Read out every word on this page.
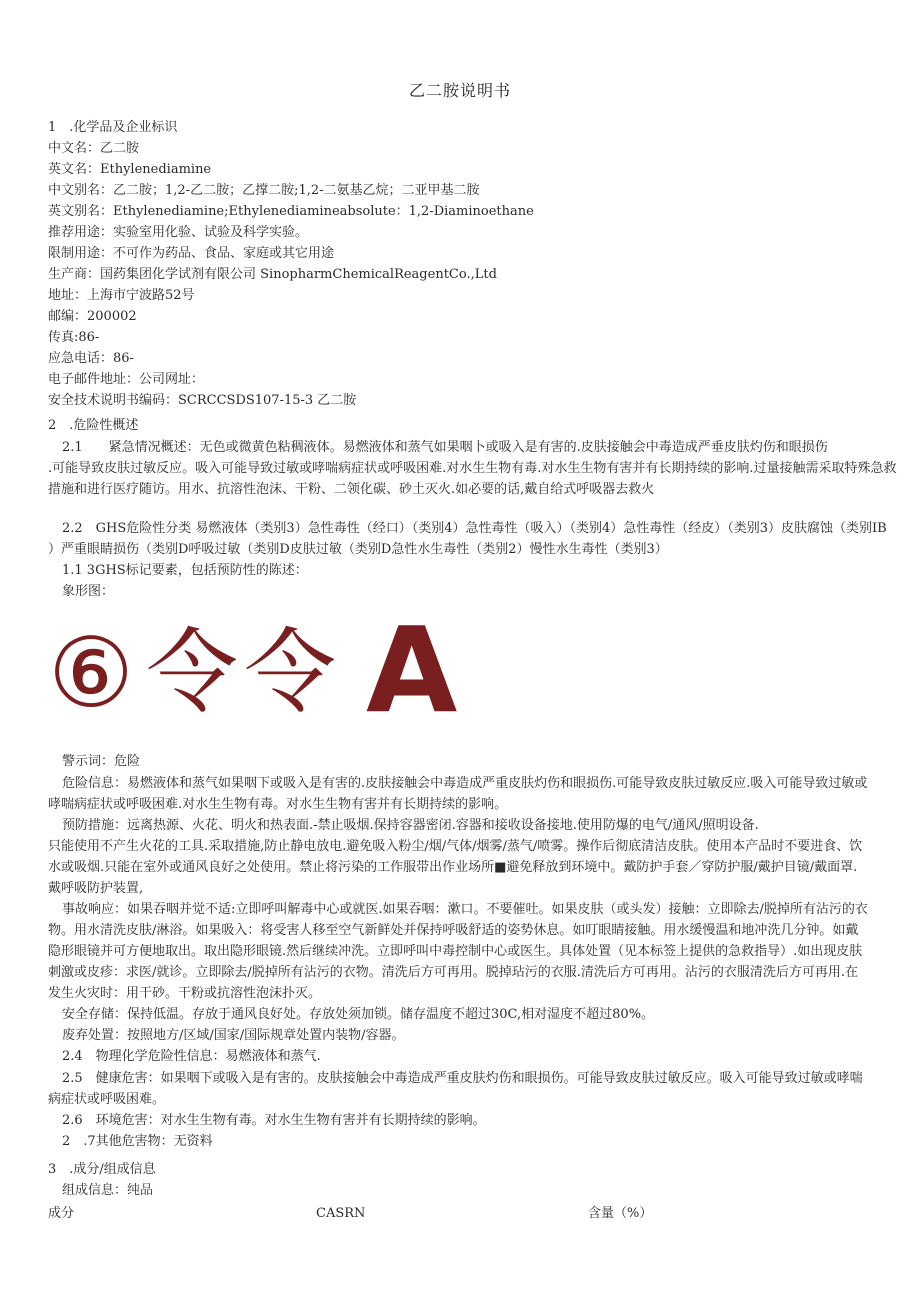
乙二胺说明书
1　.化学品及企业标识
中文名：乙二胺
英文名：Ethylenediamine
中文别名：乙二胺；1,2-乙二胺；乙撑二胺;1,2-二氨基乙烷；二亚甲基二胺
英文别名：Ethylenediamine;Ethylenediamineabsolute：1,2-Diaminoethane
推荐用途：实验室用化验、试验及科学实验。
限制用途：不可作为药品、食品、家庭或其它用途
生产商：国药集团化学试剂有限公司 SinopharmChemicalReagentCo.,Ltd
地址：上海市宁波路52号
邮编：200002
传真:86-
应急电话：86-
电子邮件地址：公司网址：
安全技术说明书编码：SCRCCSDS107-15-3 乙二胺
2　.危险性概述
2.1　　紧急情况概述：无色或微黄色粘稠液体。易燃液体和蒸气如果咽卜或吸入是有害的.皮肤接触会中毒造成严垂皮肤灼伤和眼损伤
.可能导致皮肤过敏反应。吸入可能导致过敏或哮喘病症状或呼吸困难.对水生生物有毒.对水生生物有害并有长期持续的影响.过量接触需采取特殊急救
措施和进行医疗随访。用水、抗溶性泡沫、干粉、二领化碳、砂土灭火.如必要的话,戴自给式呼吸器去救火
2.2　GHS危险性分类 易燃液体（类别3）急性毒性（经口）（类别4）急性毒性（吸入）（类别4）急性毒性（经皮）（类别3）皮肤腐蚀（类别IB
）严重眼睛损伤（类别D呼吸过敏（类别D皮肤过敏（类别D急性水生毒性（类别2）慢性水生毒性（类别3）
1.1 3GHS标记要素，包括预防性的陈述：
象形图：
⑥ 令 令 A
警示词：危险
危险信息：易燃液体和蒸气如果咽下或吸入是有害的.皮肤接触会中毒造成严重皮肤灼伤和眼损伤.可能导致皮肤过敏反应.吸入可能导致过敏或哮喘病症状或呼吸困难.对水生生物有毒。对水生生物有害并有长期持续的影响。
预防措施：远离热源、火花、明火和热表面.-禁止吸烟.保持容器密闭.容器和接收设备接地.使用防爆的电气/通风/照明设备.　　　　　　　　只能使用不产生火花的工具.采取措施,防止静电放电.避免吸入粉尘/烟/气体/烟雾/蒸气/喷雾。操作后彻底清洁皮肤。使用本产品时不要进食、饮水或吸烟.只能在室外或通风良好之处使用。禁止将污染的工作服带出作业场所■避免释放到环境中。戴防护手套／穿防护服/戴护目镜/戴面罩.戴呼吸防护装置,
事故响应：如果吞咽并觉不适:立即呼叫解毒中心或就医.如果吞咽：漱口。不要催吐。如果皮肤（或头发）接触：立即除去/脱掉所有沾污的衣物。用水清洗皮肤/淋浴。如果吸入：将受害人移至空气新鲜处并保持呼吸舒适的姿势休息。如叮眼睛接触。用水缓慢温和地冲洗几分钟。如戴隐形眼镜并可方便地取出。取出隐形眼镜.然后继续冲洗。立即呼叫中毒控制中心或医生。具体处置（见本标签上提供的急救指导）.如出现皮肤刺激或皮疹：求医/就诊。立即除去/脱掉所有沾污的衣物。清洗后方可再用。脱掉玷污的衣服.清洗后方可再用。沾污的衣服清洗后方可再用.在发生火灾时：用干砂。干粉或抗溶性泡沫扑灭。
安全存储：保持低温。存放于通风良好处。存放处须加锁。储存温度不超过30C,相对湿度不超过80%。
废弃处置：按照地方/区域/国家/国际规章处置内装物/容器。
2.4　物理化学危险性信息：易燃液体和蒸气.
2.5　健康危害：如果咽下或吸入是有害的。皮肤接触会中毒造成严重皮肤灼伤和眼损伤。可能导致皮肤过敏反应。吸入可能导致过敏或哮喘病症状或呼吸困难。
2.6　环境危害：对水生生物有毒。对水生生物有害并有长期持续的影响。
2　.7其他危害物：无资料
3　.成分/组成信息
组成信息：纯品
成分	CASRN	含量（%）
